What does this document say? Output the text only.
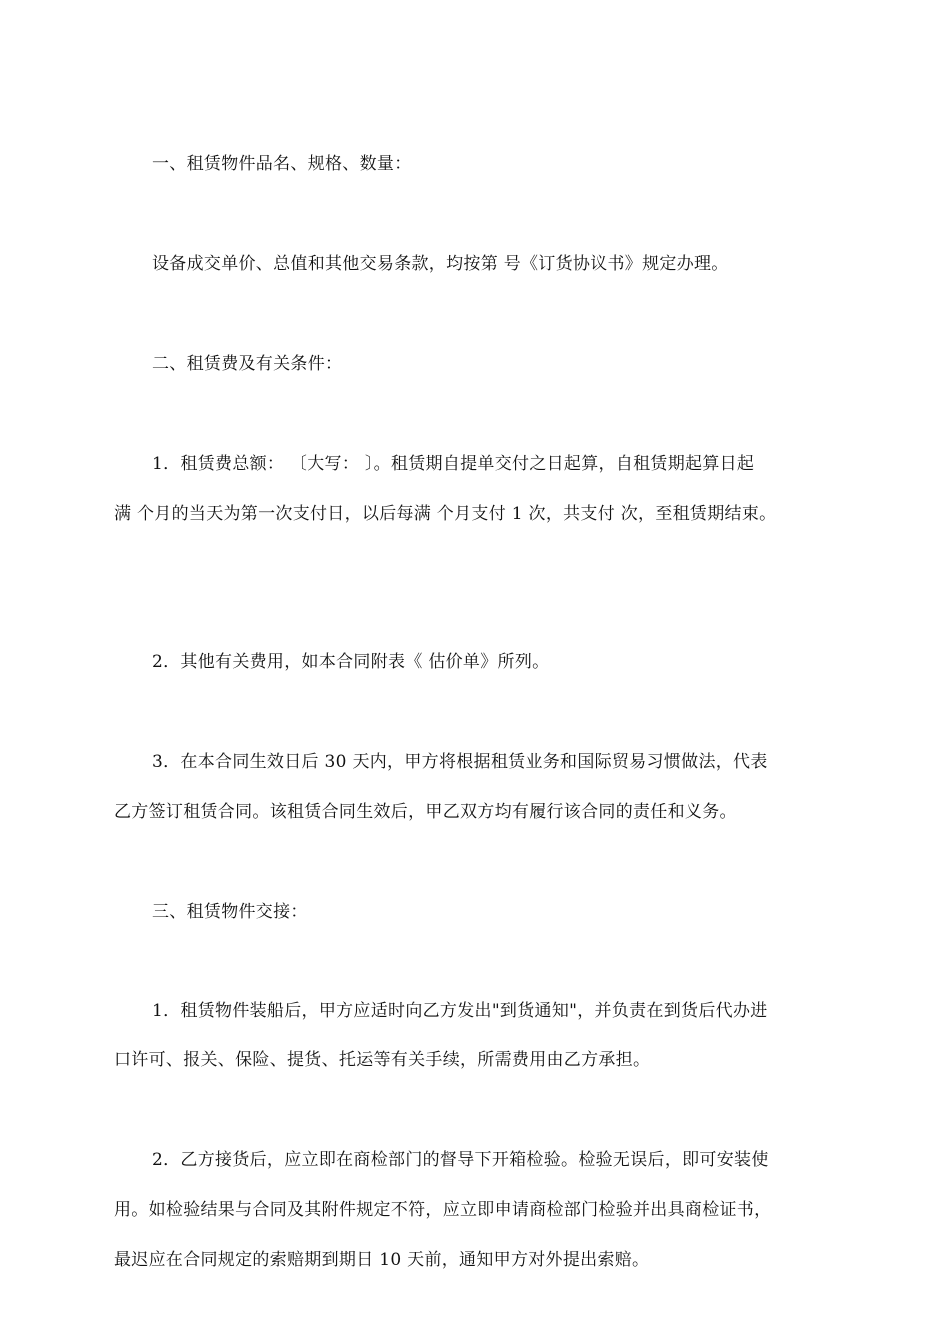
一、租赁物件品名、规格、数量：
设备成交单价、总值和其他交易条款，均按第 号《订货协议书》规定办理。
二、租赁费及有关条件：
1．租赁费总额： 〔大写： 〕。租赁期自提单交付之日起算，自租赁期起算日起
满 个月的当天为第一次支付日，以后每满 个月支付 1 次，共支付 次，至租赁期结束。
2．其他有关费用，如本合同附表《 估价单》所列。
3．在本合同生效日后 30 天内，甲方将根据租赁业务和国际贸易习惯做法，代表
乙方签订租赁合同。该租赁合同生效后，甲乙双方均有履行该合同的责任和义务。
三、租赁物件交接：
1．租赁物件装船后，甲方应适时向乙方发出"到货通知"，并负责在到货后代办进
口许可、报关、保险、提货、托运等有关手续，所需费用由乙方承担。
2．乙方接货后，应立即在商检部门的督导下开箱检验。检验无误后，即可安装使
用。如检验结果与合同及其附件规定不符，应立即申请商检部门检验并出具商检证书，
最迟应在合同规定的索赔期到期日 10 天前，通知甲方对外提出索赔。
